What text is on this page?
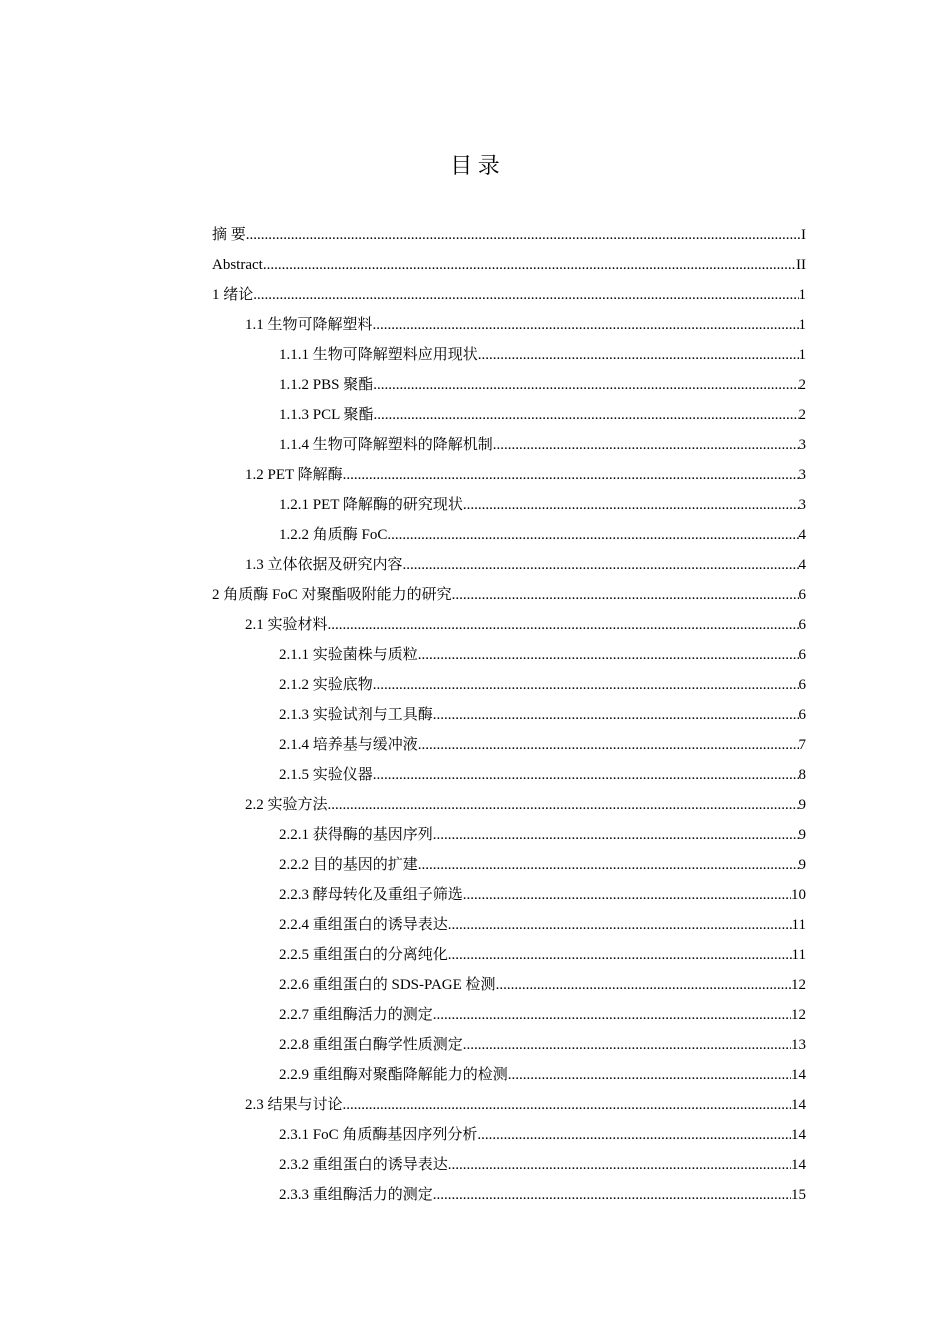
目 录
摘 要 .....	I
Abstract .....	II
1 绪论 .....	1
1.1 生物可降解塑料 .....	1
1.1.1 生物可降解塑料应用现状 .....	1
1.1.2 PBS 聚酯 .....	2
1.1.3 PCL 聚酯 .....	2
1.1.4 生物可降解塑料的降解机制 .....	3
1.2 PET 降解酶 .....	3
1.2.1 PET 降解酶的研究现状 .....	3
1.2.2 角质酶 FoC .....	4
1.3 立体依据及研究内容 .....	4
2 角质酶 FoC 对聚酯吸附能力的研究 .....	6
2.1 实验材料 .....	6
2.1.1 实验菌株与质粒 .....	6
2.1.2 实验底物 .....	6
2.1.3 实验试剂与工具酶 .....	6
2.1.4 培养基与缓冲液 .....	7
2.1.5 实验仪器 .....	8
2.2 实验方法 .....	9
2.2.1 获得酶的基因序列 .....	9
2.2.2 目的基因的扩建 .....	9
2.2.3 酵母转化及重组子筛选 .....	10
2.2.4 重组蛋白的诱导表达 .....	11
2.2.5 重组蛋白的分离纯化 .....	11
2.2.6 重组蛋白的 SDS-PAGE 检测 .....	12
2.2.7 重组酶活力的测定 .....	12
2.2.8 重组蛋白酶学性质测定 .....	13
2.2.9 重组酶对聚酯降解能力的检测 .....	14
2.3 结果与讨论 .....	14
2.3.1 FoC 角质酶基因序列分析 .....	14
2.3.2 重组蛋白的诱导表达 .....	14
2.3.3 重组酶活力的测定 .....	15
